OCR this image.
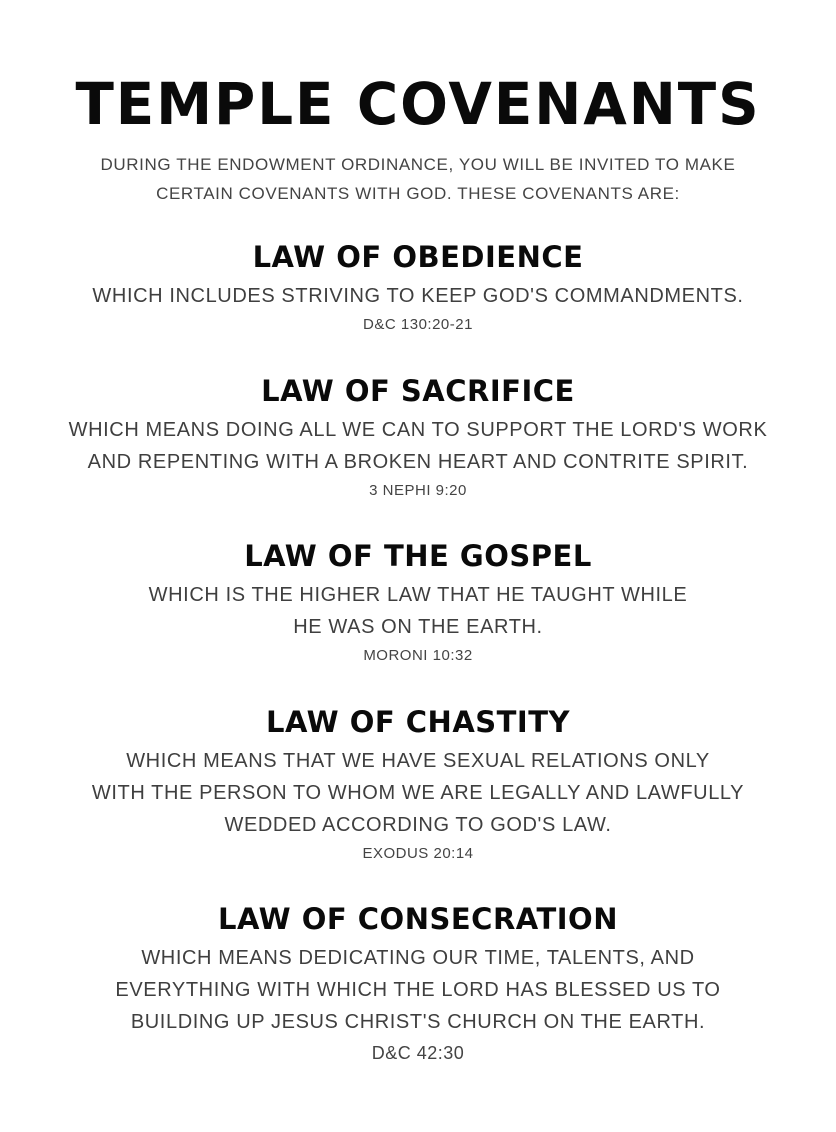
TEMPLE COVENANTS
DURING THE ENDOWMENT ORDINANCE, YOU WILL BE INVITED TO MAKE
CERTAIN COVENANTS WITH GOD. THESE COVENANTS ARE:
LAW OF OBEDIENCE
WHICH INCLUDES STRIVING TO KEEP GOD'S COMMANDMENTS.
D&C 130:20-21
LAW OF SACRIFICE
WHICH MEANS DOING ALL WE CAN TO SUPPORT THE LORD'S WORK
AND REPENTING WITH A BROKEN HEART AND CONTRITE SPIRIT.
3 NEPHI 9:20
LAW OF THE GOSPEL
WHICH IS THE HIGHER LAW THAT HE TAUGHT WHILE
HE WAS ON THE EARTH.
MORONI 10:32
LAW OF CHASTITY
WHICH MEANS THAT WE HAVE SEXUAL RELATIONS ONLY
WITH THE PERSON TO WHOM WE ARE LEGALLY AND LAWFULLY
WEDDED ACCORDING TO GOD'S LAW.
EXODUS 20:14
LAW OF CONSECRATION
WHICH MEANS DEDICATING OUR TIME, TALENTS, AND
EVERYTHING WITH WHICH THE LORD HAS BLESSED US TO
BUILDING UP JESUS CHRIST'S CHURCH ON THE EARTH.
D&C 42:30
